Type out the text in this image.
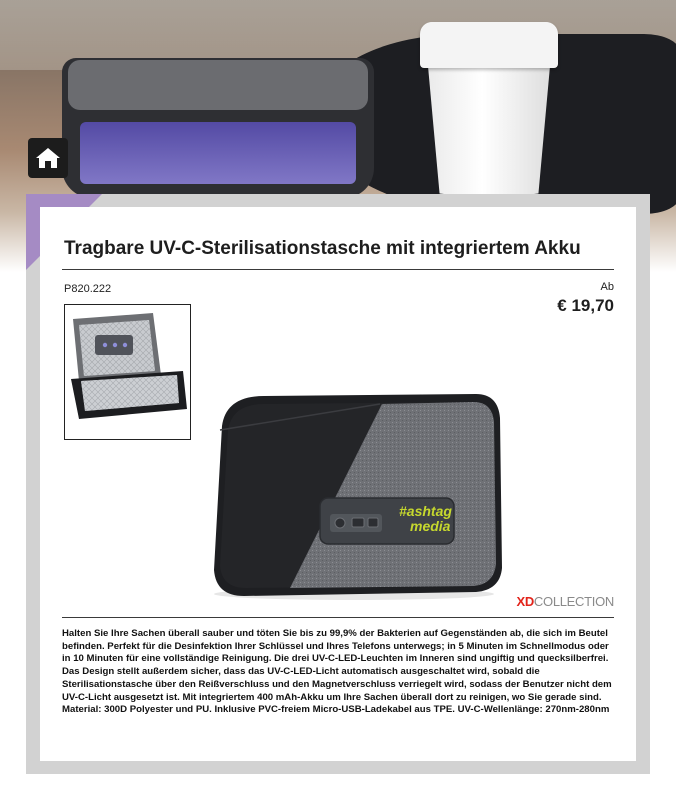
Tragbare UV-C-Sterilisationstasche mit integriertem Akku
P820.222	Ab
€ 19,70
#ashtag
media
XDCOLLECTION

Halten Sie Ihre Sachen überall sauber und töten Sie bis zu 99,9% der Bakterien auf Gegenständen ab, die sich im Beutel befinden. Perfekt für die Desinfektion Ihrer Schlüssel und Ihres Telefons unterwegs; in 5 Minuten im Schnellmodus oder in 10 Minuten für eine vollständige Reinigung. Die drei UV-C-LED-Leuchten im Inneren sind ungiftig und quecksilberfrei. Das Design stellt außerdem sicher, dass das UV-C-LED-Licht automatisch ausgeschaltet wird, sobald die Sterilisationstasche über den Reißverschluss und den Magnetverschluss verriegelt wird, sodass der Benutzer nicht dem UV-C-Licht ausgesetzt ist. Mit integriertem 400 mAh-Akku um Ihre Sachen überall dort zu reinigen, wo Sie gerade sind. Material: 300D Polyester und PU. Inklusive PVC-freiem Micro-USB-Ladekabel aus TPE. UV-C-Wellenlänge: 270nm-280nm
